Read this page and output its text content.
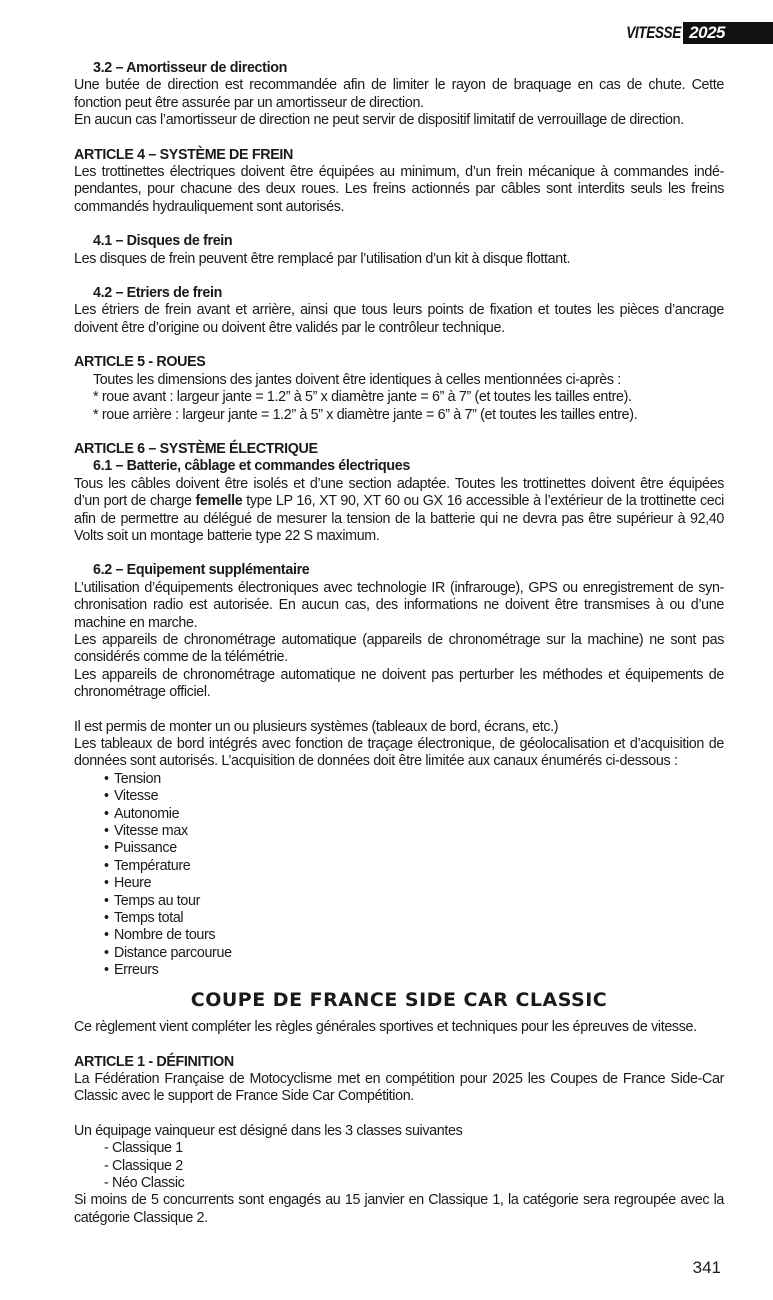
VITESSE 2025

3.2 – Amortisseur de direction

Une butée de direction est recommandée afin de limiter le rayon de braquage en cas de chute. Cette fonction peut être assurée par un amortisseur de direction.

En aucun cas l’amortisseur de direction ne peut servir de dispositif limitatif de verrouillage de direction.

ARTICLE 4 – SYSTÈME DE FREIN

Les trottinettes électriques doivent être équipées au minimum, d’un frein mécanique à commandes indé-pendantes, pour chacune des deux roues. Les freins actionnés par câbles sont interdits seuls les freins commandés hydrauliquement sont autorisés.

4.1 – Disques de frein

Les disques de frein peuvent être remplacé par l’utilisation d’un kit à disque flottant.

4.2 – Etriers de frein

Les étriers de frein avant et arrière, ainsi que tous leurs points de fixation et toutes les pièces d’ancrage doivent être d’origine ou doivent être validés par le contrôleur technique.

ARTICLE 5 - ROUES

Toutes les dimensions des jantes doivent être identiques à celles mentionnées ci-après :

* roue avant : largeur jante = 1.2” à 5” x diamètre jante = 6” à 7” (et toutes les tailles entre).

* roue arrière : largeur jante = 1.2” à 5” x diamètre jante = 6” à 7” (et toutes les tailles entre).

ARTICLE 6 – SYSTÈME ÉLECTRIQUE

6.1 – Batterie, câblage et commandes électriques

Tous les câbles doivent être isolés et d’une section adaptée. Toutes les trottinettes doivent être équipées d’un port de charge femelle type LP 16, XT 90, XT 60 ou GX 16 accessible à l’extérieur de la trottinette ceci afin de permettre au délégué de mesurer la tension de la batterie qui ne devra pas être supérieur à 92,40 Volts soit un montage batterie type 22 S maximum.

6.2 – Equipement supplémentaire

L’utilisation d’équipements électroniques avec technologie IR (infrarouge), GPS ou enregistrement de syn-chronisation radio est autorisée. En aucun cas, des informations ne doivent être transmises à ou d’une machine en marche.

Les appareils de chronométrage automatique (appareils de chronométrage sur la machine) ne sont pas considérés comme de la télémétrie.

Les appareils de chronométrage automatique ne doivent pas perturber les méthodes et équipements de chronométrage officiel.

Il est permis de monter un ou plusieurs systèmes (tableaux de bord, écrans, etc.)

Les tableaux de bord intégrés avec fonction de traçage électronique, de géolocalisation et d’acquisition de données sont autorisés. L’acquisition de données doit être limitée aux canaux énumérés ci-dessous :

• Tension
• Vitesse
• Autonomie
• Vitesse max
• Puissance
• Température
• Heure
• Temps au tour
• Temps total
• Nombre de tours
• Distance parcourue
• Erreurs
COUPE DE FRANCE SIDE CAR CLASSIC

Ce règlement vient compléter les règles générales sportives et techniques pour les épreuves de vitesse.

ARTICLE 1 - DÉFINITION

La Fédération Française de Motocyclisme met en compétition pour 2025 les Coupes de France Side-Car Classic avec le support de France Side Car Compétition.

Un équipage vainqueur est désigné dans les 3 classes suivantes

- Classique 1
- Classique 2
- Néo Classic

Si moins de 5 concurrents sont engagés au 15 janvier en Classique 1, la catégorie sera regroupée avec la catégorie Classique 2.

341
